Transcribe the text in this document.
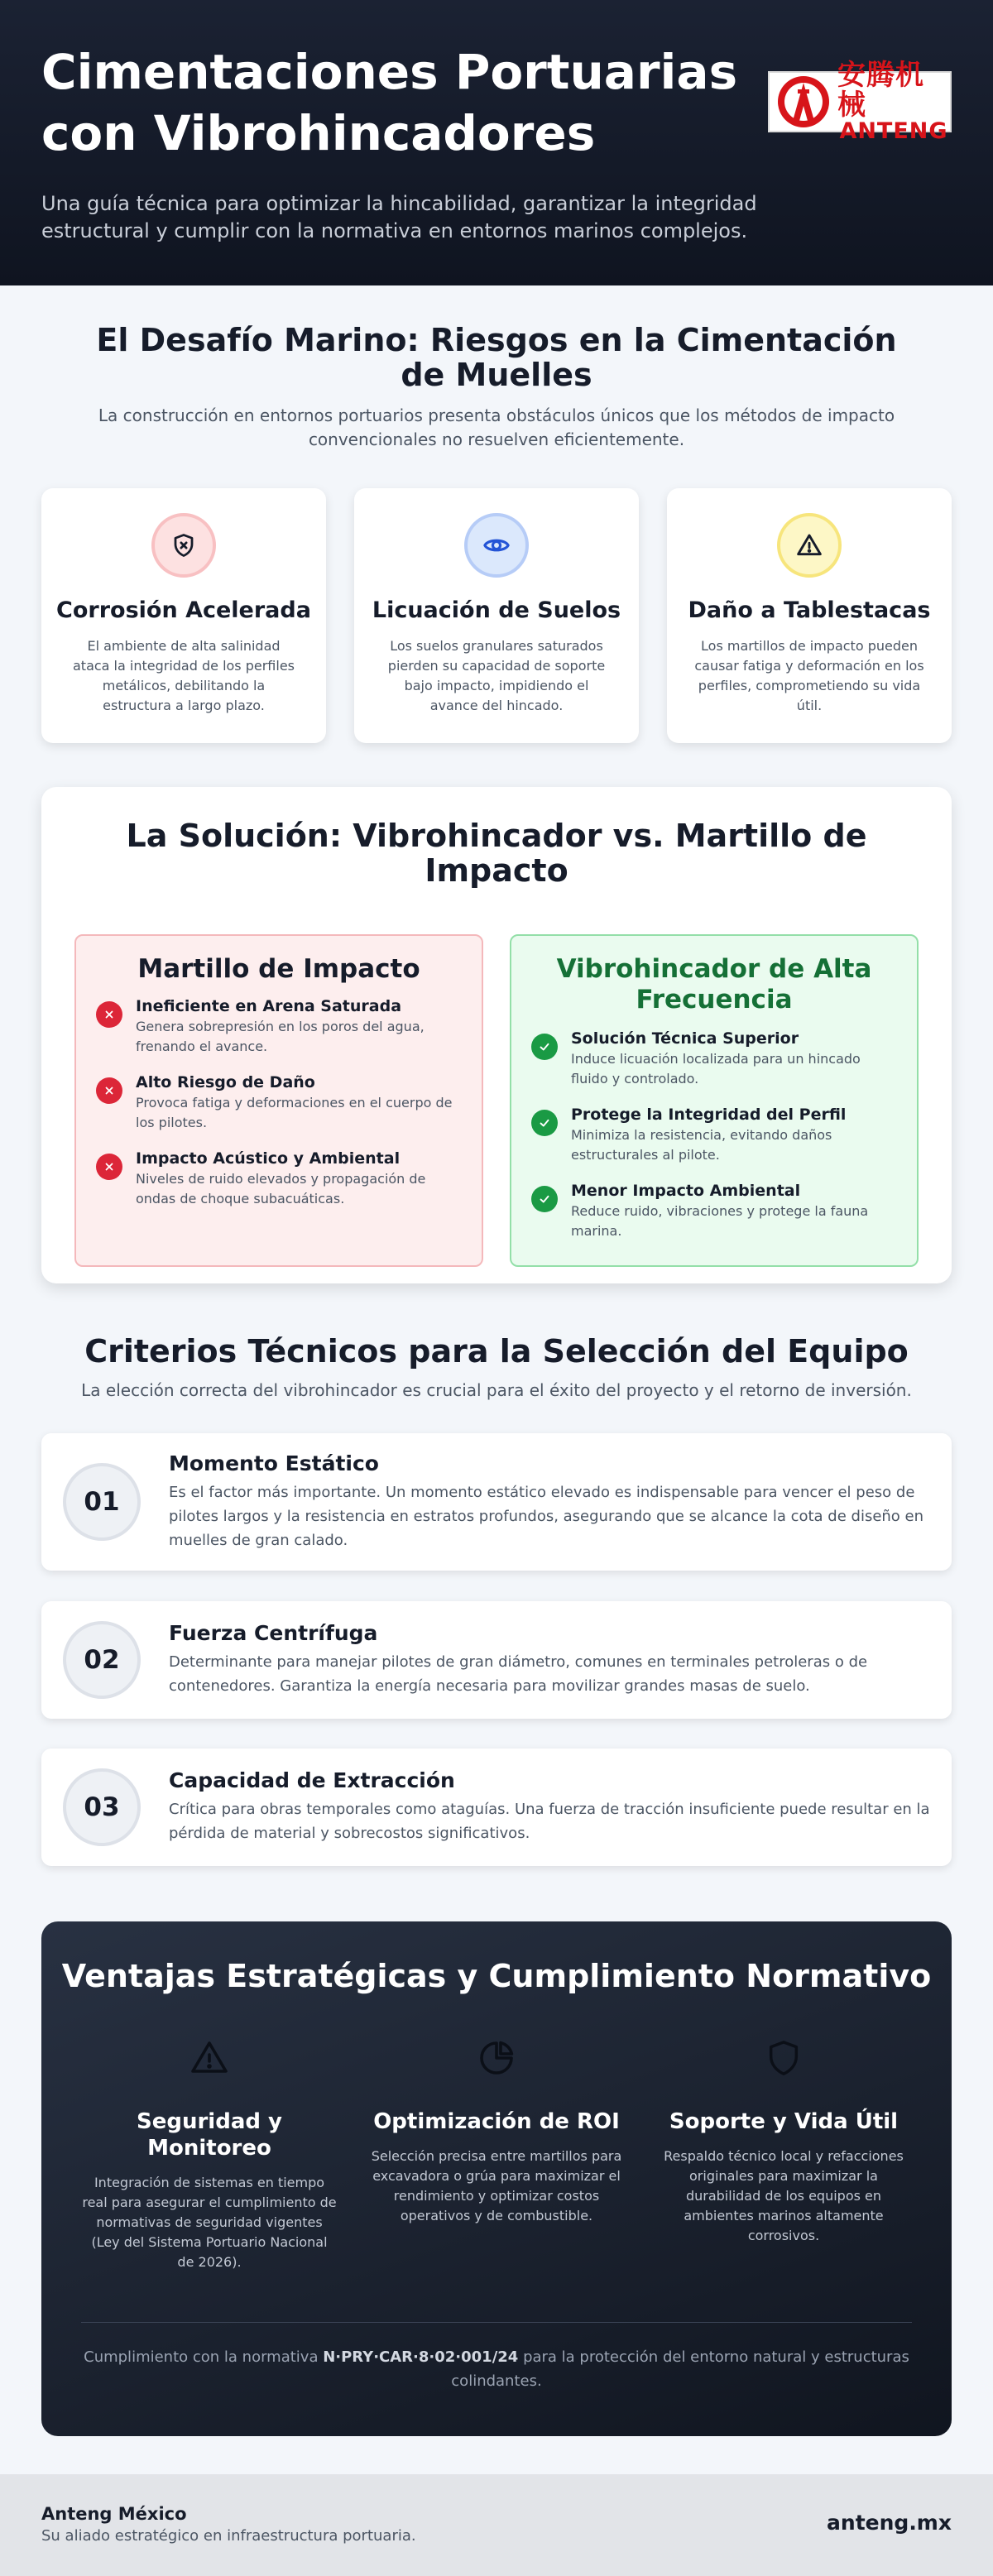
Cimentaciones Portuarias con Vibrohincadores

Una guía técnica para optimizar la hincabilidad, garantizar la integridad estructural y cumplir con la normativa en entornos marinos complejos.

安腾机械
ANTENG
El Desafío Marino: Riesgos en la Cimentación de Muelles

La construcción en entornos portuarios presenta obstáculos únicos que los métodos de impacto convencionales no resuelven eficientemente.

Corrosión Acelerada

El ambiente de alta salinidad ataca la integridad de los perfiles metálicos, debilitando la estructura a largo plazo.

Licuación de Suelos

Los suelos granulares saturados pierden su capacidad de soporte bajo impacto, impidiendo el avance del hincado.

Daño a Tablestacas

Los martillos de impacto pueden causar fatiga y deformación en los perfiles, comprometiendo su vida útil.

La Solución: Vibrohincador vs. Martillo de Impacto
Martillo de Impacto
Ineficiente en Arena Saturada
Genera sobrepresión en los poros del agua, frenando el avance.
Alto Riesgo de Daño
Provoca fatiga y deformaciones en el cuerpo de los pilotes.
Impacto Acústico y Ambiental
Niveles de ruido elevados y propagación de ondas de choque subacuáticas.
Vibrohincador de Alta Frecuencia
Solución Técnica Superior
Induce licuación localizada para un hincado fluido y controlado.
Protege la Integridad del Perfil
Minimiza la resistencia, evitando daños estructurales al pilote.
Menor Impacto Ambiental
Reduce ruido, vibraciones y protege la fauna marina.
Criterios Técnicos para la Selección del Equipo

La elección correcta del vibrohincador es crucial para el éxito del proyecto y el retorno de inversión.

01
Momento Estático

Es el factor más importante. Un momento estático elevado es indispensable para vencer el peso de pilotes largos y la resistencia en estratos profundos, asegurando que se alcance la cota de diseño en muelles de gran calado.

02
Fuerza Centrífuga

Determinante para manejar pilotes de gran diámetro, comunes en terminales petroleras o de contenedores. Garantiza la energía necesaria para movilizar grandes masas de suelo.

03
Capacidad de Extracción

Crítica para obras temporales como ataguías. Una fuerza de tracción insuficiente puede resultar en la pérdida de material y sobrecostos significativos.

Ventajas Estratégicas y Cumplimiento Normativo
Seguridad y Monitoreo

Integración de sistemas en tiempo real para asegurar el cumplimiento de normativas de seguridad vigentes (Ley del Sistema Portuario Nacional de 2026).

Optimización de ROI

Selección precisa entre martillos para excavadora o grúa para maximizar el rendimiento y optimizar costos operativos y de combustible.

Soporte y Vida Útil

Respaldo técnico local y refacciones originales para maximizar la durabilidad de los equipos en ambientes marinos altamente corrosivos.

Cumplimiento con la normativa N·PRY·CAR·8·02·001/24 para la protección del entorno natural y estructuras colindantes.

Anteng México
Su aliado estratégico en infraestructura portuaria.
anteng.mx
